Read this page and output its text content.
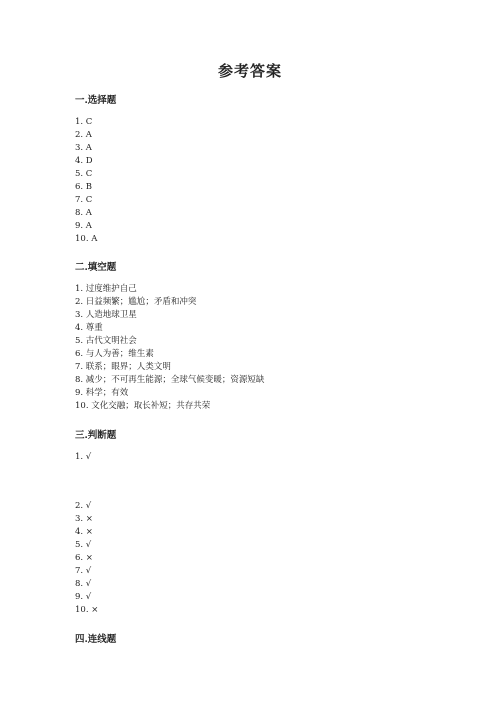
参考答案
一.选择题
1. C
2. A
3. A
4. D
5. C
6. B
7. C
8. A
9. A
10. A
二.填空题
1. 过度维护自己
2. 日益频繁；尴尬；矛盾和冲突
3. 人造地球卫星
4. 尊重
5. 古代文明社会
6. 与人为善；维生素
7. 联系；眼界；人类文明
8. 减少；不可再生能源；全球气候变暖；资源短缺
9. 科学；有效
10. 文化交融；取长补短；共存共荣
三.判断题
1. √
2. √
3. ×
4. ×
5. √
6. ×
7. √
8. √
9. √
10. ×
四.连线题
